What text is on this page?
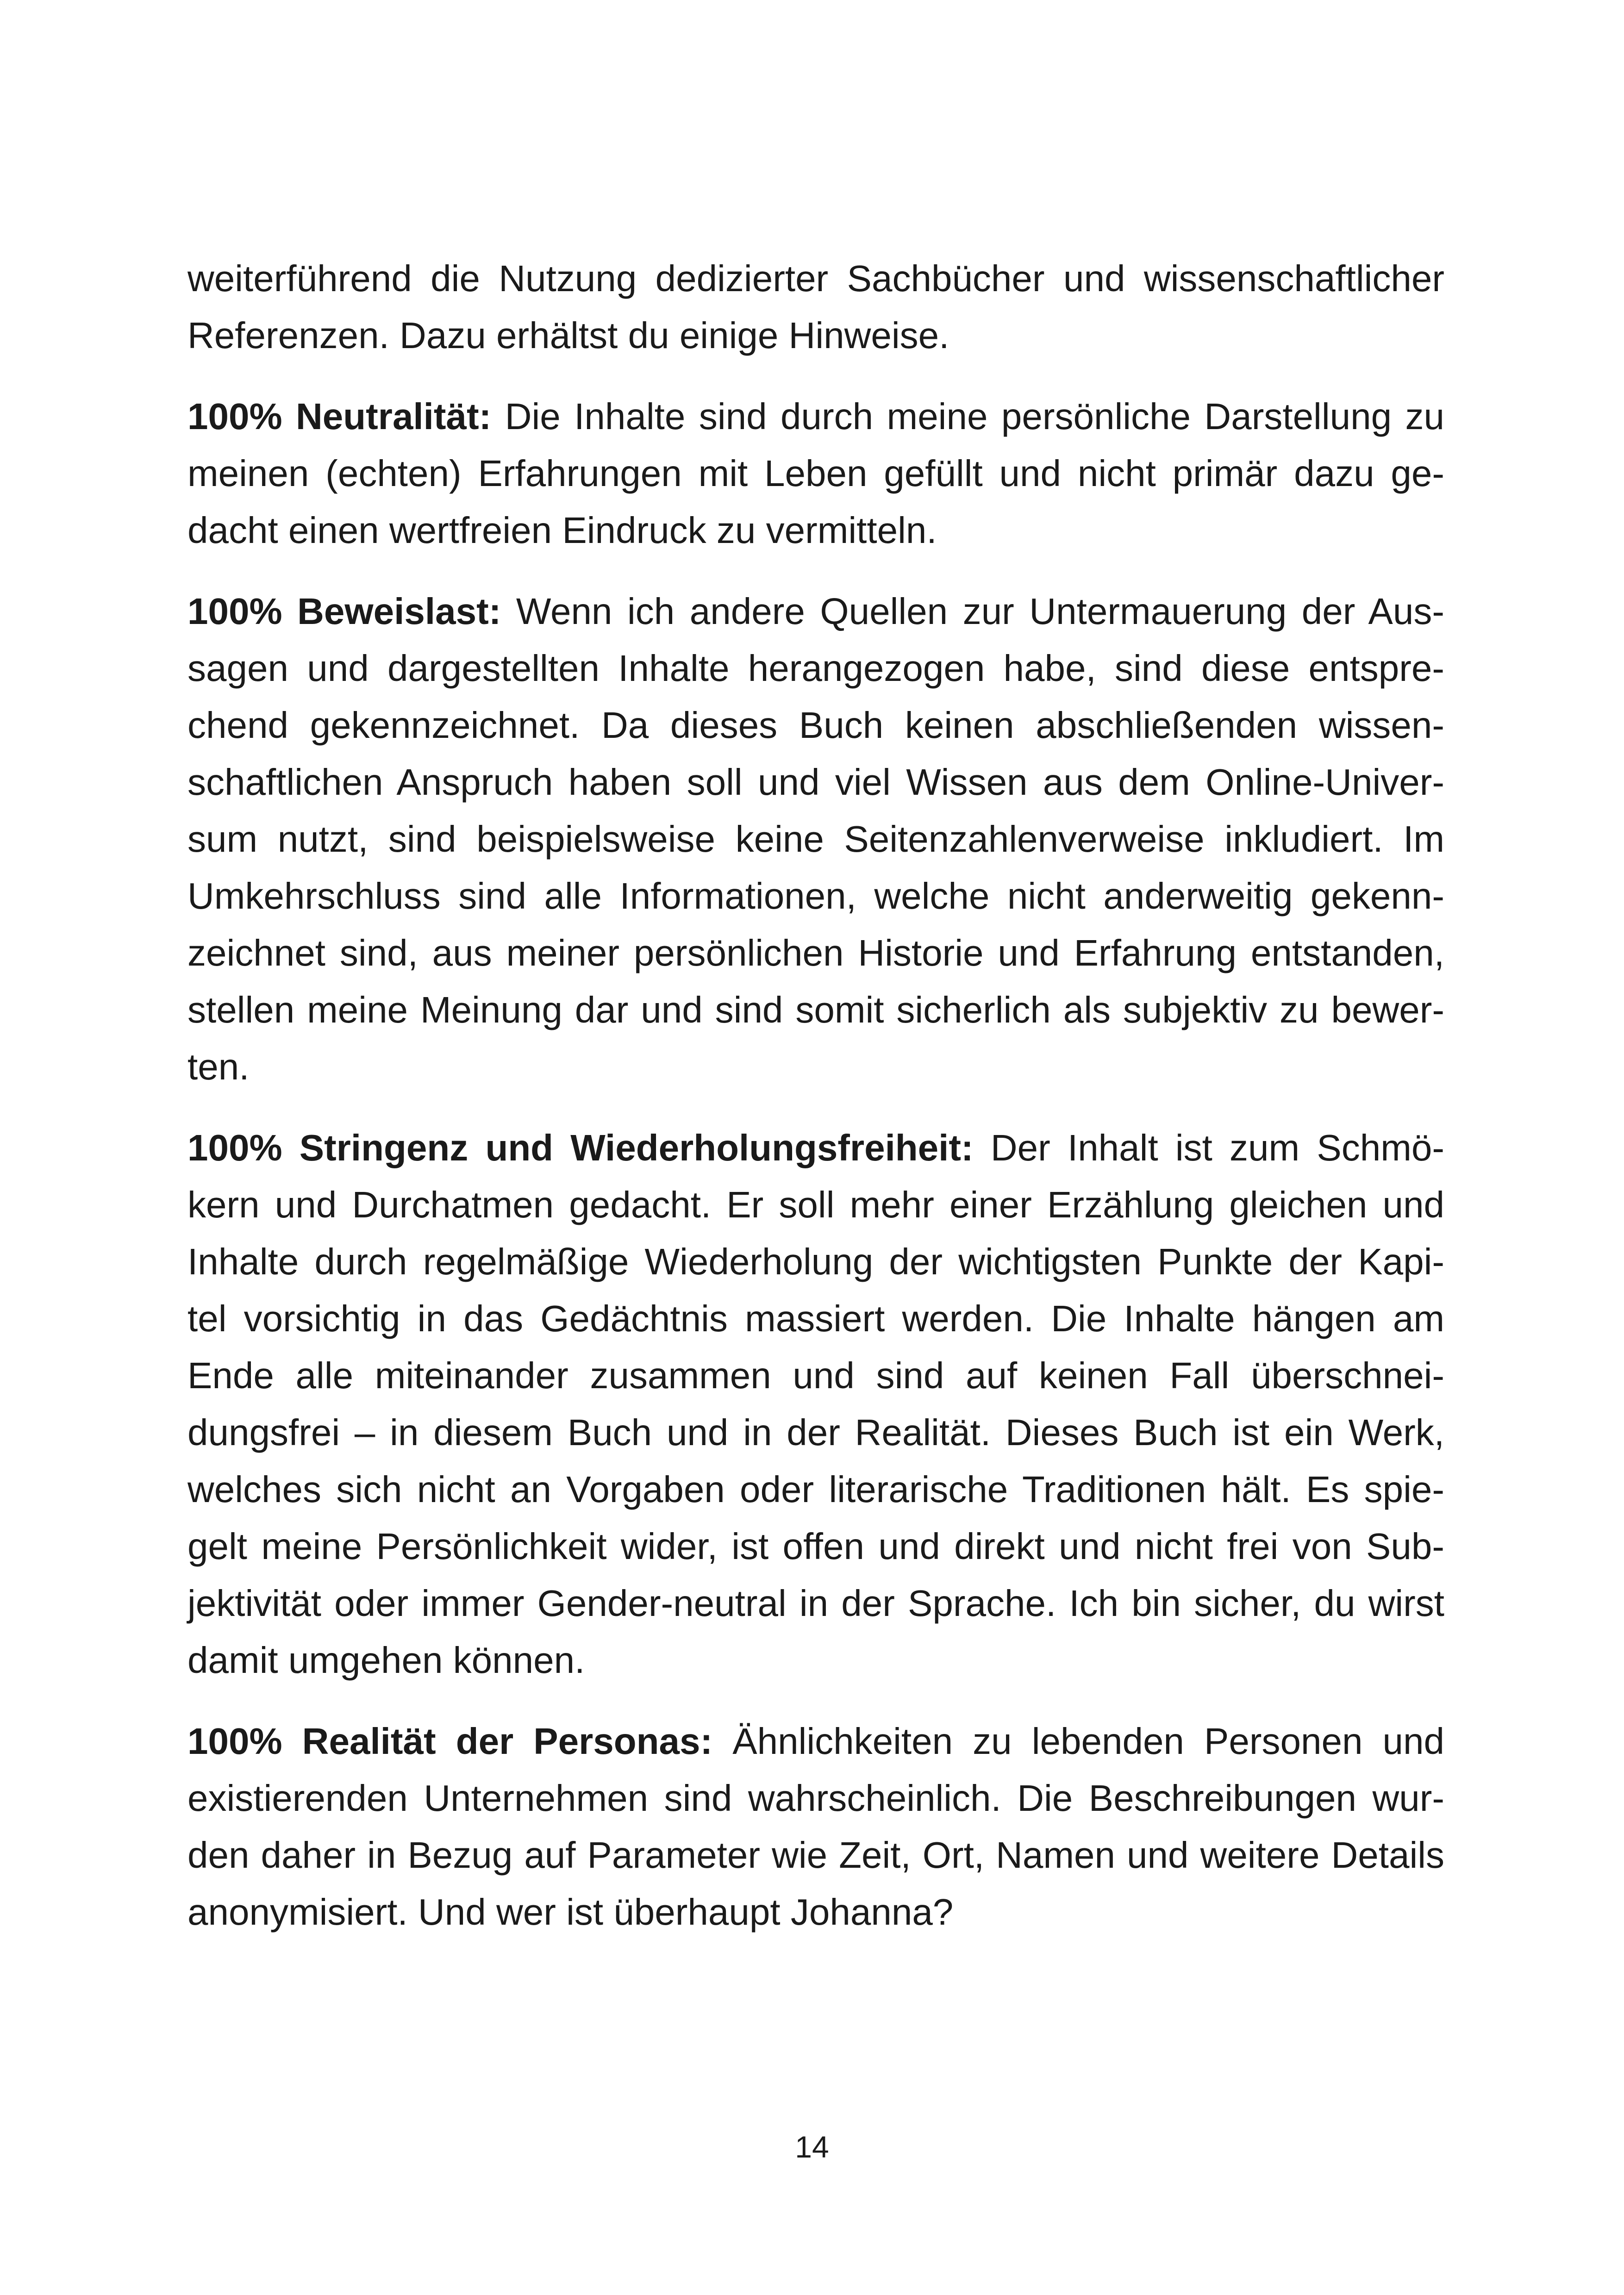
weiterführend die Nutzung dedizierter Sachbücher und wissenschaftlicher
Referenzen. Dazu erhältst du einige Hinweise.
100% Neutralität: Die Inhalte sind durch meine persönliche Darstellung zu
meinen (echten) Erfahrungen mit Leben gefüllt und nicht primär dazu ge-
dacht einen wertfreien Eindruck zu vermitteln.
100% Beweislast: Wenn ich andere Quellen zur Untermauerung der Aus-
sagen und dargestellten Inhalte herangezogen habe, sind diese entspre-
chend gekennzeichnet. Da dieses Buch keinen abschließenden wissen-
schaftlichen Anspruch haben soll und viel Wissen aus dem Online-Univer-
sum nutzt, sind beispielsweise keine Seitenzahlenverweise inkludiert. Im
Umkehrschluss sind alle Informationen, welche nicht anderweitig gekenn-
zeichnet sind, aus meiner persönlichen Historie und Erfahrung entstanden,
stellen meine Meinung dar und sind somit sicherlich als subjektiv zu bewer-
ten.
100% Stringenz und Wiederholungsfreiheit: Der Inhalt ist zum Schmö-
kern und Durchatmen gedacht. Er soll mehr einer Erzählung gleichen und
Inhalte durch regelmäßige Wiederholung der wichtigsten Punkte der Kapi-
tel vorsichtig in das Gedächtnis massiert werden. Die Inhalte hängen am
Ende alle miteinander zusammen und sind auf keinen Fall überschnei-
dungsfrei – in diesem Buch und in der Realität. Dieses Buch ist ein Werk,
welches sich nicht an Vorgaben oder literarische Traditionen hält. Es spie-
gelt meine Persönlichkeit wider, ist offen und direkt und nicht frei von Sub-
jektivität oder immer Gender-neutral in der Sprache. Ich bin sicher, du wirst
damit umgehen können.
100% Realität der Personas: Ähnlichkeiten zu lebenden Personen und
existierenden Unternehmen sind wahrscheinlich. Die Beschreibungen wur-
den daher in Bezug auf Parameter wie Zeit, Ort, Namen und weitere Details
anonymisiert. Und wer ist überhaupt Johanna?
14
